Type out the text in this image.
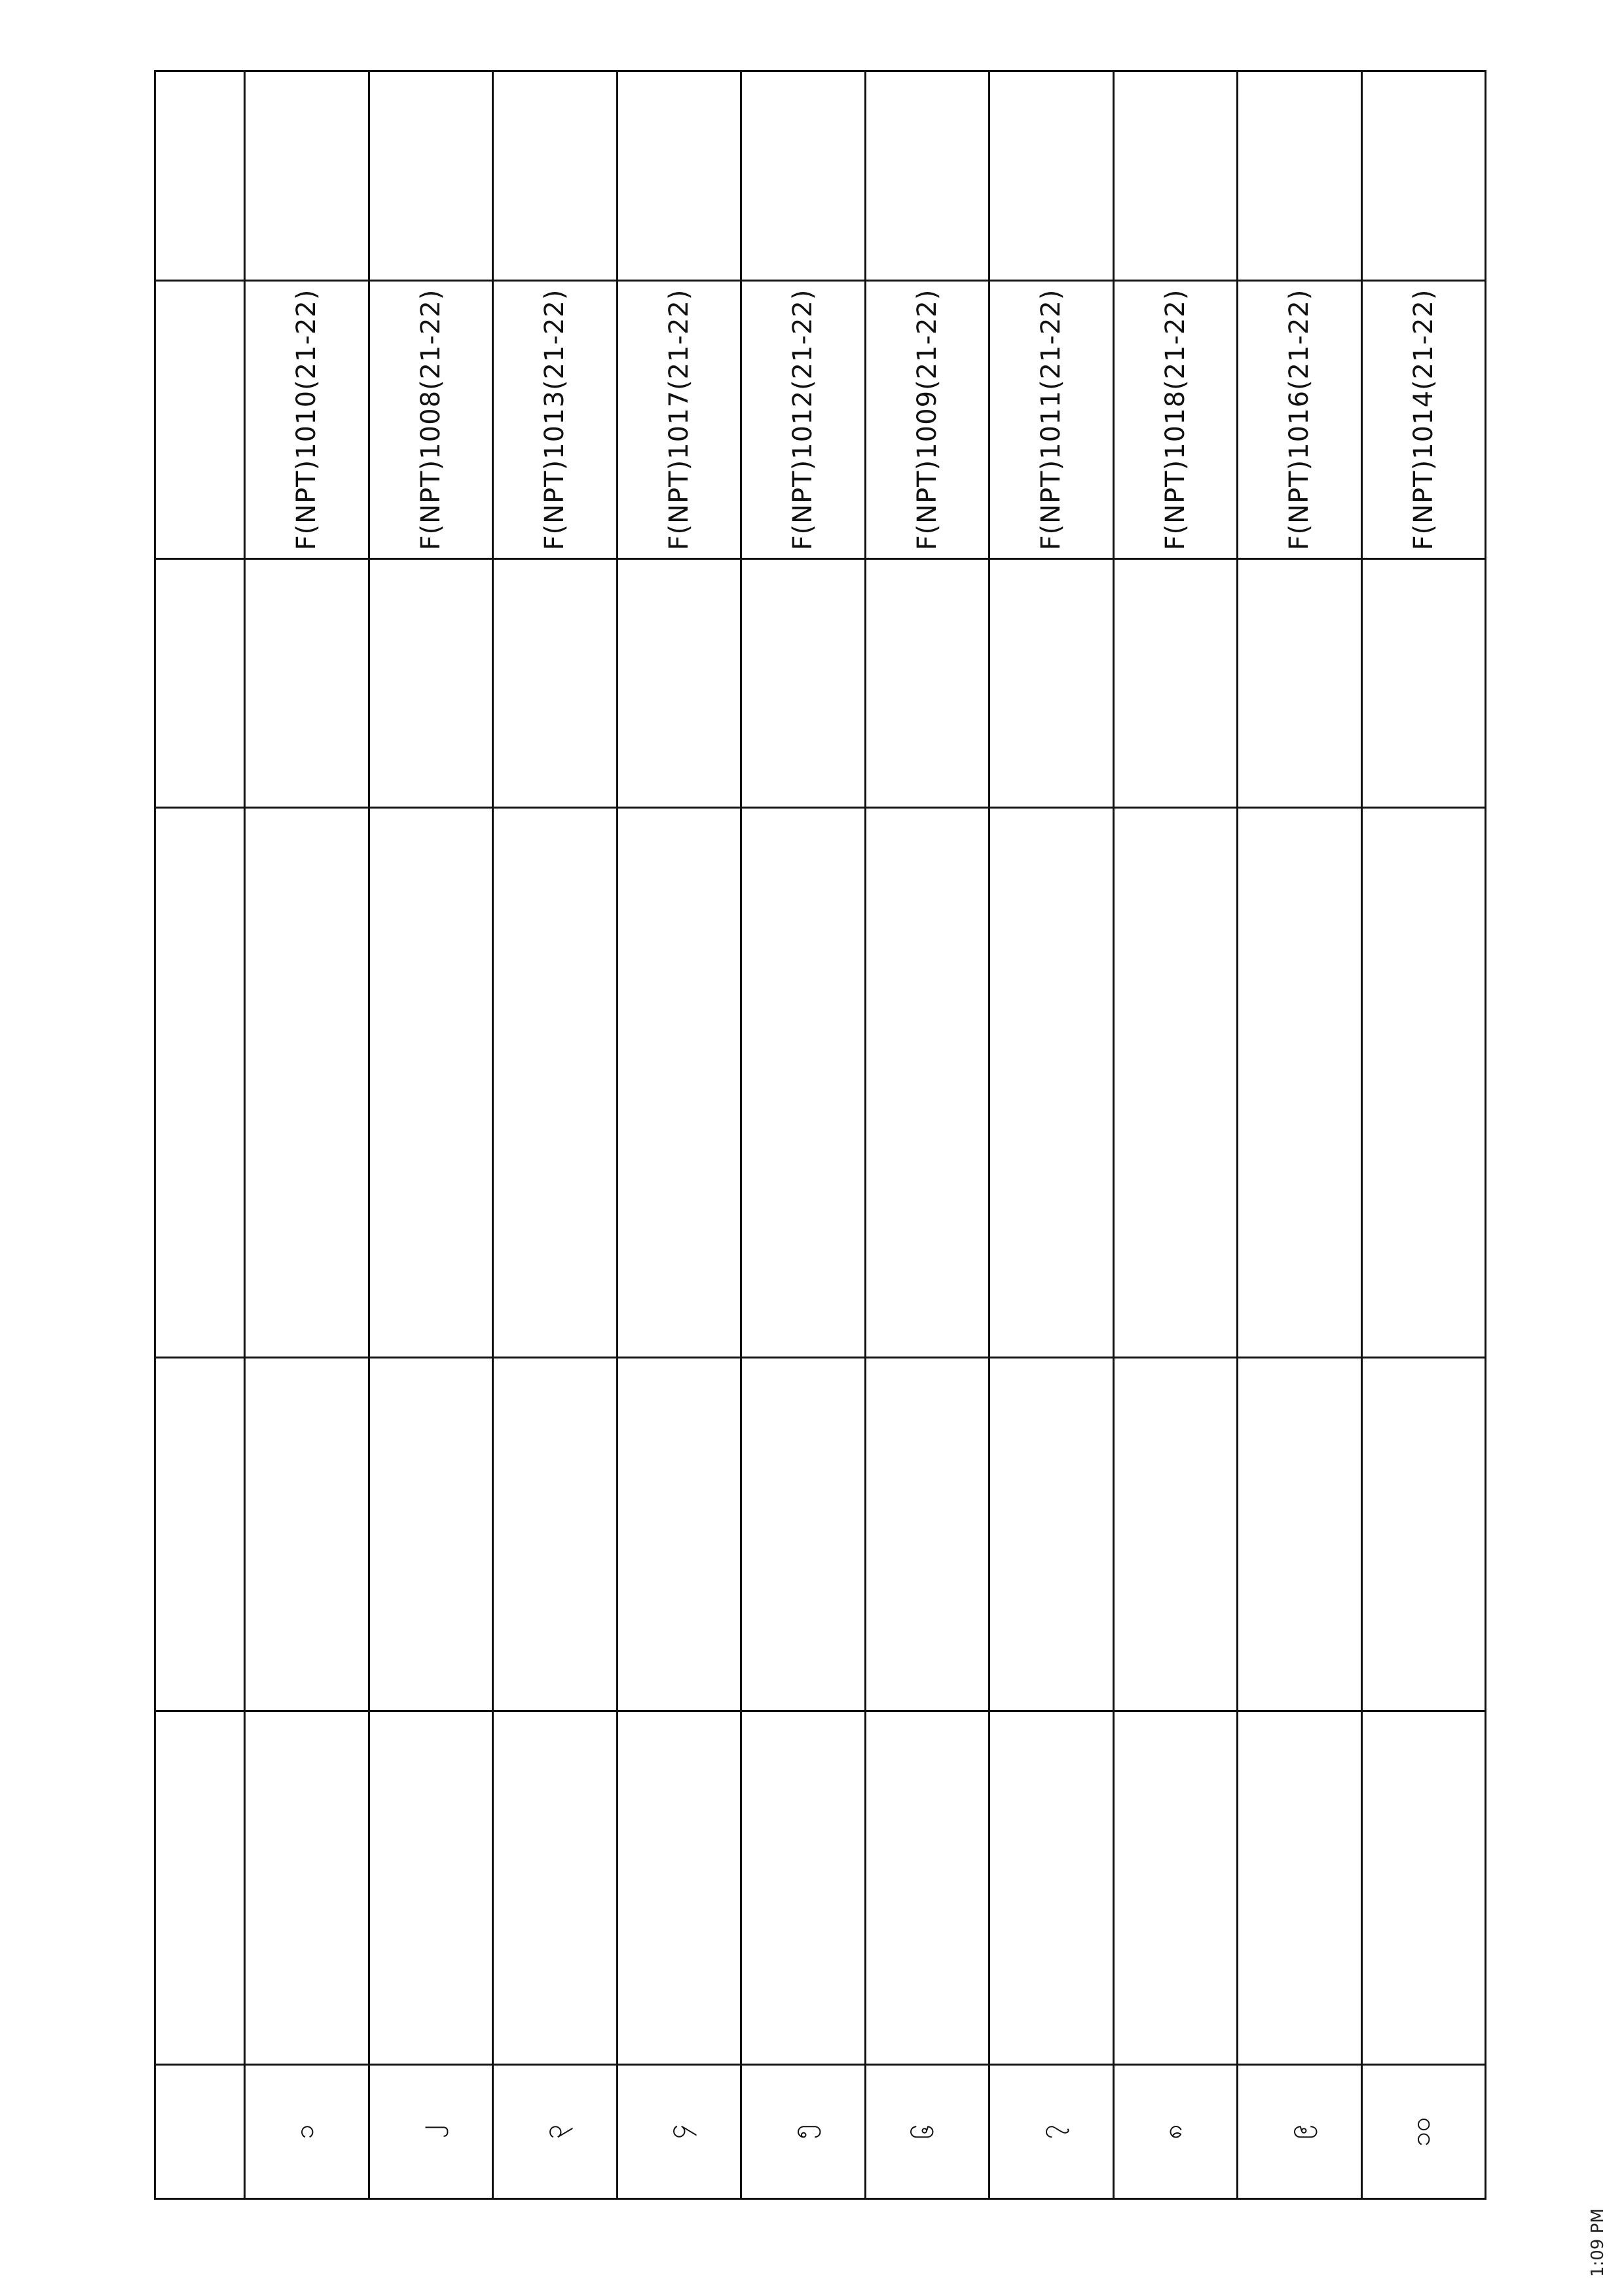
၁					F(NPT)1010(21-22)	
၂					F(NPT)1008(21-22)	
၃					F(NPT)1013(21-22)	
၄					F(NPT)1017(21-22)	
၅					F(NPT)1012(21-22)	
၆					F(NPT)1009(21-22)	
၇					F(NPT)1011(21-22)	
၈					F(NPT)1018(21-22)	
၉					F(NPT)1016(21-22)	
၁၀					F(NPT)1014(21-22)	
1:09 PM
